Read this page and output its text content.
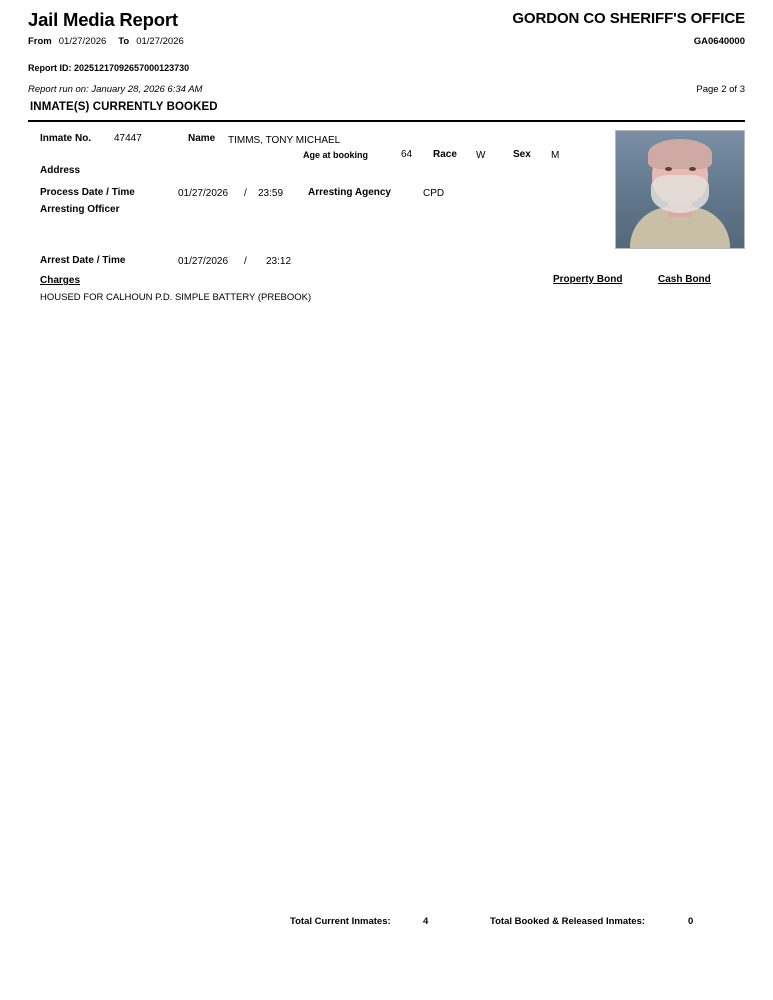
Jail Media Report	GORDON CO SHERIFF'S OFFICE
From 01/27/2026 To 01/27/2026	GA0640000
Report ID: 20251217092657000123730
Report run on: January 28, 2026 6:34 AM	Page 2 of 3
INMATE(S) CURRENTLY BOOKED
Inmate No. 47447	Name TIMMS, TONY MICHAEL
Age at booking	64 Race W	Sex M
Address
Process Date / Time	01/27/2026 / 23:59 Arresting Agency	CPD
Arresting Officer
Arrest Date / Time	01/27/2026 / 23:12
Charges	Property Bond	Cash Bond
HOUSED FOR CALHOUN P.D. SIMPLE BATTERY (PREBOOK)
Total Current Inmates:	4	Total Booked & Released Inmates:	0
